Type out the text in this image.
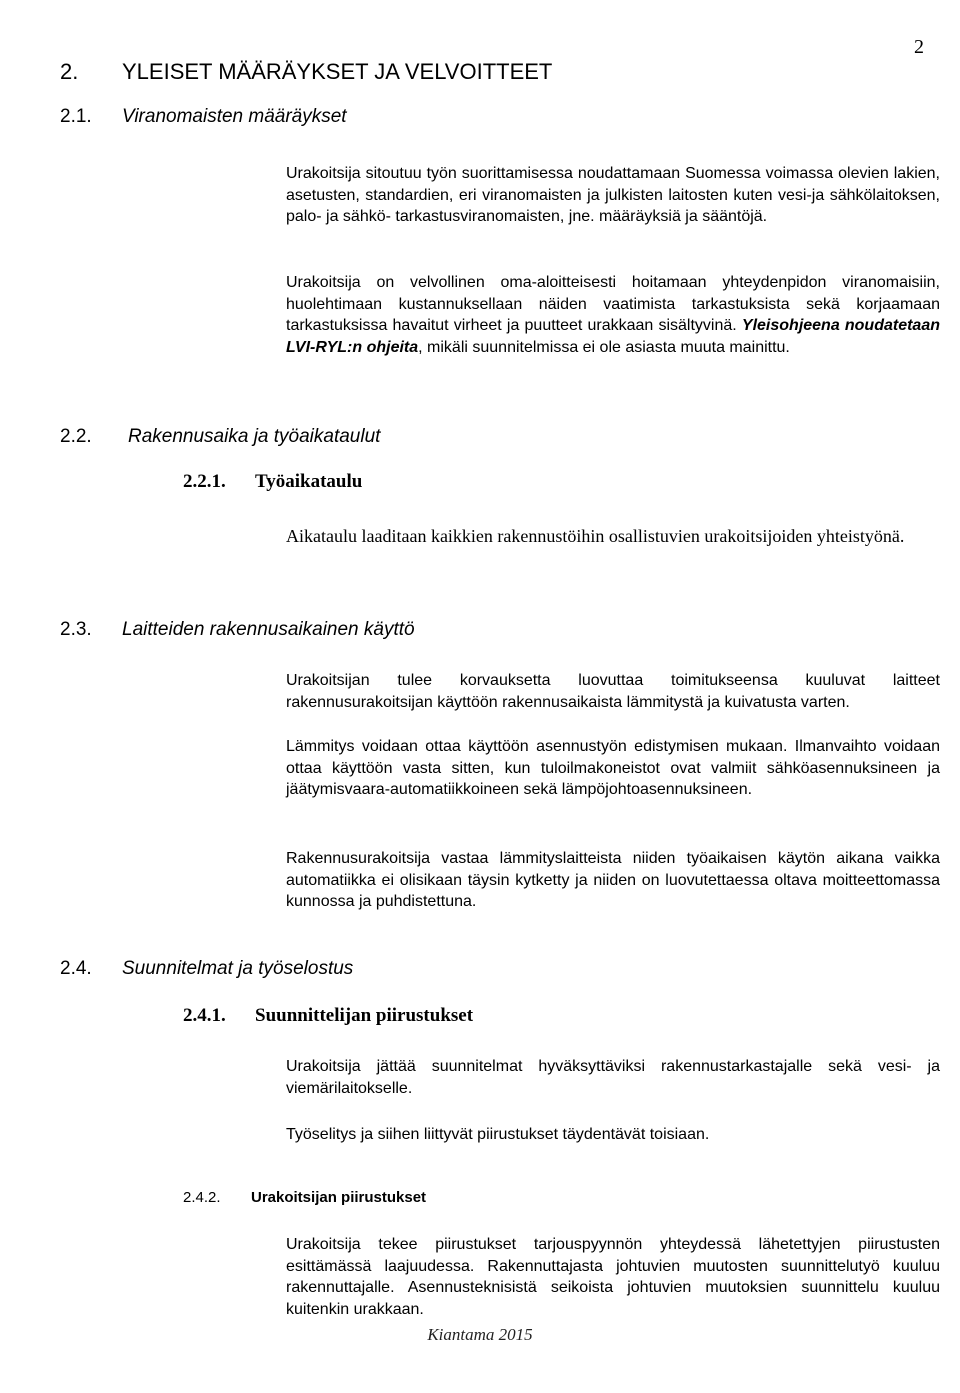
2
2. YLEISET MÄÄRÄYKSET JA VELVOITTEET
2.1. Viranomaisten määräykset
Urakoitsija sitoutuu työn suorittamisessa noudattamaan Suomessa voimassa olevien lakien, asetusten, standardien, eri viranomaisten ja julkisten laitosten kuten vesi-ja sähkölaitoksen, palo- ja sähkö- tarkastusviranomaisten, jne. määräyksiä ja sääntöjä.
Urakoitsija on velvollinen oma-aloitteisesti hoitamaan yhteydenpidon viranomaisiin, huolehtimaan kustannuksellaan näiden vaatimista tarkastuksista sekä korjaamaan tarkastuksissa havaitut virheet ja puutteet urakkaan sisältyvinä. Yleisohjeena noudatetaan LVI-RYL:n ohjeita, mikäli suunnitelmissa ei ole asiasta muuta mainittu.
2.2. Rakennusaika ja työaikataulut
2.2.1. Työaikataulu
Aikataulu laaditaan kaikkien rakennustöihin osallistuvien urakoitsijoiden yhteistyönä.
2.3. Laitteiden rakennusaikainen käyttö
Urakoitsijan tulee korvauksetta luovuttaa toimitukseensa kuuluvat laitteet rakennusurakoitsijan käyttöön rakennusaikaista lämmitystä ja kuivatusta varten.
Lämmitys voidaan ottaa käyttöön asennustyön edistymisen mukaan. Ilmanvaihto voidaan ottaa käyttöön vasta sitten, kun tuloilmakoneistot ovat valmiit sähköasennuksineen ja jäätymisvaara-automatiikkoineen sekä lämpöjohtoasennuksineen.
Rakennusurakoitsija vastaa lämmityslaitteista niiden työaikaisen käytön aikana vaikka automatiikka ei olisikaan täysin kytketty ja niiden on luovutettaessa oltava moitteettomassa kunnossa ja puhdistettuna.
2.4. Suunnitelmat ja työselostus
2.4.1. Suunnittelijan piirustukset
Urakoitsija jättää suunnitelmat hyväksyttäviksi rakennustarkastajalle sekä vesi- ja viemärilaitokselle.
Työselitys ja siihen liittyvät piirustukset täydentävät toisiaan.
2.4.2. Urakoitsijan piirustukset
Urakoitsija tekee piirustukset tarjouspyynnön yhteydessä lähetettyjen piirustusten esittämässä laajuudessa. Rakennuttajasta johtuvien muutosten suunnittelutyö kuuluu rakennuttajalle. Asennusteknisistä seikoista johtuvien muutoksien suunnittelu kuuluu kuitenkin urakkaan.
Kiantama 2015
